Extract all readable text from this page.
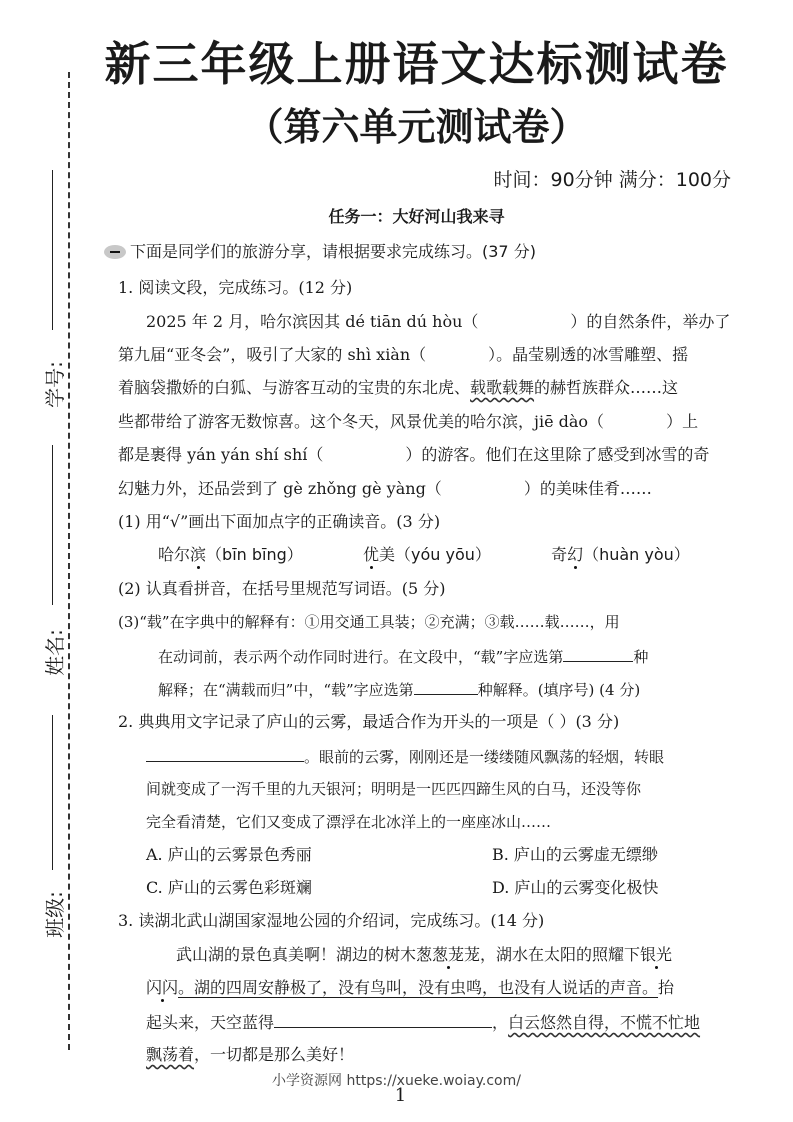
学号:
姓名:
班级:
新三年级上册语文达标测试卷
（第六单元测试卷）
时间：90分钟 满分：100分
任务一：大好河山我来寻
下面是同学们的旅游分享，请根据要求完成练习。(37 分)
1. 阅读文段，完成练习。(12 分)
2025 年 2 月，哈尔滨因其 dé tiān dú hòu（	）的自然条件，举办了
第九届“亚冬会”，吸引了大家的 shì xiàn（	）。晶莹剔透的冰雪雕塑、摇
着脑袋撒娇的白狐、与游客互动的宝贵的东北虎、载歌载舞的赫哲族群众……这
些都带给了游客无数惊喜。这个冬天，风景优美的哈尔滨，jiē dào（	）上
都是裹得 yán yán shí shí（	）的游客。他们在这里除了感受到冰雪的奇
幻魅力外，还品尝到了 gè zhǒng gè yàng（	）的美味佳肴……
(1) 用“√”画出下面加点字的正确读音。(3 分)
哈尔滨（bīn bīng）	优美（yóu yōu）	奇幻（huàn yòu）
(2) 认真看拼音，在括号里规范写词语。(5 分)
(3)“载”在字典中的解释有：①用交通工具装；②充满；③载……载……，用
在动词前，表示两个动作同时进行。在文段中，“载”字应选第	种
解释；在“满载而归”中，“载”字应选第	种解释。(填序号) (4 分)
2. 典典用文字记录了庐山的云雾，最适合作为开头的一项是（ ）(3 分)
。眼前的云雾，刚刚还是一缕缕随风飘荡的轻烟，转眼
间就变成了一泻千里的九天银河；明明是一匹匹四蹄生风的白马，还没等你
完全看清楚，它们又变成了漂浮在北冰洋上的一座座冰山……
A. 庐山的云雾景色秀丽	B. 庐山的云雾虚无缥缈
C. 庐山的云雾色彩斑斓	D. 庐山的云雾变化极快
3. 读湖北武山湖国家湿地公园的介绍词，完成练习。(14 分)
武山湖的景色真美啊！湖边的树木葱葱茏茏，湖水在太阳的照耀下银光
闪闪。湖的四周安静极了，没有鸟叫，没有虫鸣，也没有人说话的声音。抬
起头来，天空蓝得	，白云悠然自得，不慌不忙地
飘荡着，一切都是那么美好！
小学资源网 https://xueke.woiay.com/
1
